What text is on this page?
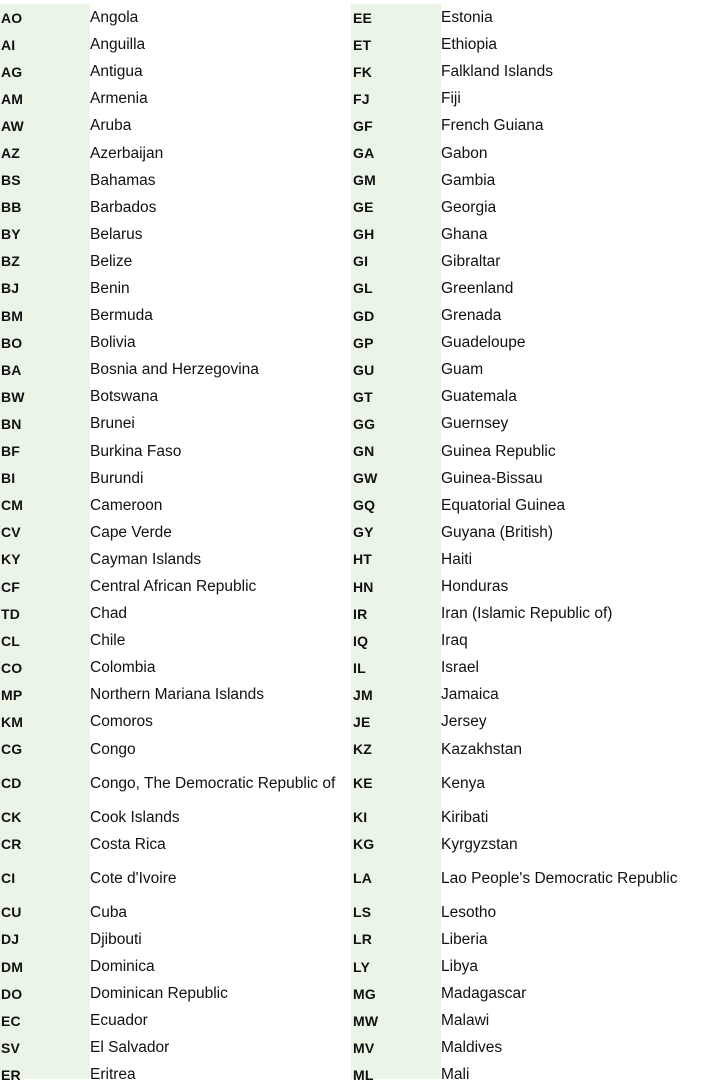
AO	Angola
AI	Anguilla
AG	Antigua
AM	Armenia
AW	Aruba
AZ	Azerbaijan
BS	Bahamas
BB	Barbados
BY	Belarus
BZ	Belize
BJ	Benin
BM	Bermuda
BO	Bolivia
BA	Bosnia and Herzegovina
BW	Botswana
BN	Brunei
BF	Burkina Faso
BI	Burundi
CM	Cameroon
CV	Cape Verde
KY	Cayman Islands
CF	Central African Republic
TD	Chad
CL	Chile
CO	Colombia
MP	Northern Mariana Islands
KM	Comoros
CG	Congo
CD	Congo, The Democratic Republic of
CK	Cook Islands
CR	Costa Rica
CI	Cote d'Ivoire
CU	Cuba
DJ	Djibouti
DM	Dominica
DO	Dominican Republic
EC	Ecuador
SV	El Salvador
ER	Eritrea
EE	Estonia
ET	Ethiopia
FK	Falkland Islands
FJ	Fiji
GF	French Guiana
GA	Gabon
GM	Gambia
GE	Georgia
GH	Ghana
GI	Gibraltar
GL	Greenland
GD	Grenada
GP	Guadeloupe
GU	Guam
GT	Guatemala
GG	Guernsey
GN	Guinea Republic
GW	Guinea-Bissau
GQ	Equatorial Guinea
GY	Guyana (British)
HT	Haiti
HN	Honduras
IR	Iran (Islamic Republic of)
IQ	Iraq
IL	Israel
JM	Jamaica
JE	Jersey
KZ	Kazakhstan
KE	Kenya
KI	Kiribati
KG	Kyrgyzstan
LA	Lao People's Democratic Republic
LS	Lesotho
LR	Liberia
LY	Libya
MG	Madagascar
MW	Malawi
MV	Maldives
ML	Mali
